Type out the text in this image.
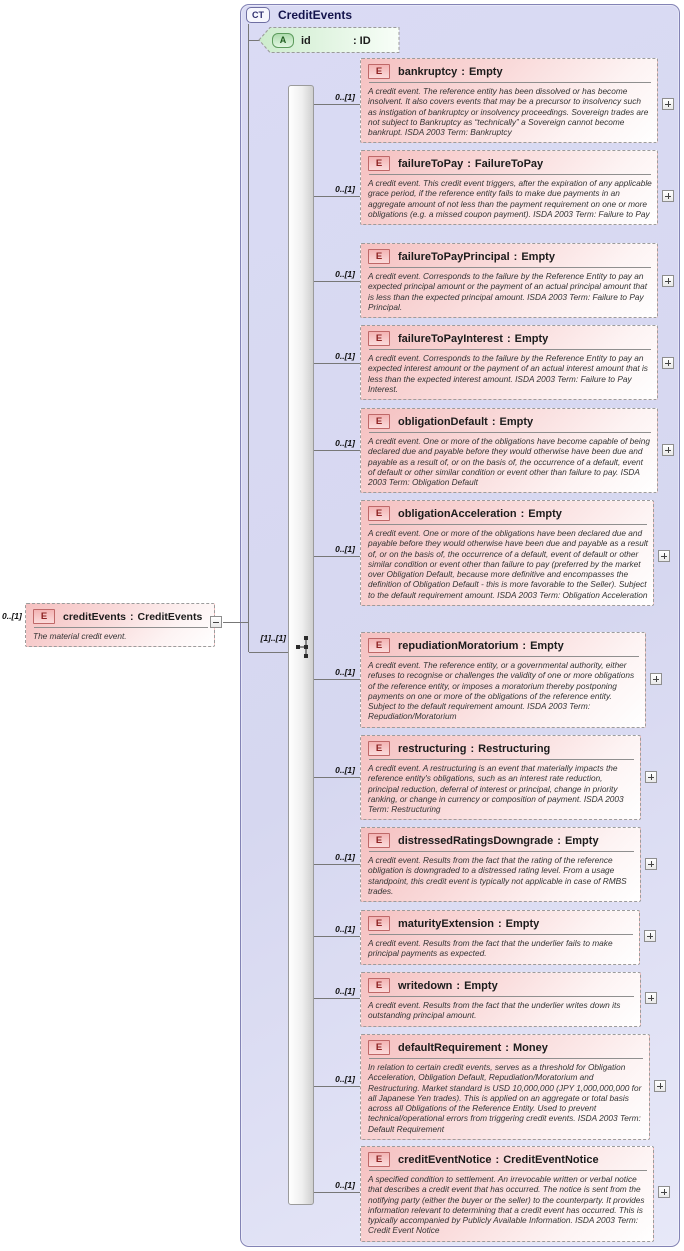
CT	CreditEvents
[1]..[1]
A	id	: ID
0..[1]	E	creditEvents : CreditEvents
The material credit event.
E	bankruptcy : Empty
A credit event. The reference entity has been dissolved or has become insolvent. It also covers events that may be a precursor to insolvency such as instigation of bankruptcy or insolvency proceedings. Sovereign trades are not subject to Bankruptcy as “technically” a Sovereign cannot become bankrupt. ISDA 2003 Term: Bankruptcy
0..[1]
E	failureToPay : FailureToPay
A credit event. This credit event triggers, after the expiration of any applicable grace period, if the reference entity fails to make due payments in an aggregate amount of not less than the payment requirement on one or more obligations (e.g. a missed coupon payment). ISDA 2003 Term: Failure to Pay
0..[1]
E	failureToPayPrincipal : Empty
A credit event. Corresponds to the failure by the Reference Entity to pay an expected principal amount or the payment of an actual principal amount that is less than the expected principal amount. ISDA 2003 Term: Failure to Pay Principal.
0..[1]
E	failureToPayInterest : Empty
A credit event. Corresponds to the failure by the Reference Entity to pay an expected interest amount or the payment of an actual interest amount that is less than the expected interest amount. ISDA 2003 Term: Failure to Pay Interest.
0..[1]
E	obligationDefault : Empty
A credit event. One or more of the obligations have become capable of being declared due and payable before they would otherwise have been due and payable as a result of, or on the basis of, the occurrence of a default, event of default or other similar condition or event other than failure to pay. ISDA 2003 Term: Obligation Default
0..[1]
E	obligationAcceleration : Empty
A credit event. One or more of the obligations have been declared due and payable before they would otherwise have been due and payable as a result of, or on the basis of, the occurrence of a default, event of default or other similar condition or event other than failure to pay (preferred by the market over Obligation Default, because more definitive and encompasses the definition of Obligation Default - this is more favorable to the Seller). Subject to the default requirement amount. ISDA 2003 Term: Obligation Acceleration
0..[1]
E	repudiationMoratorium : Empty
A credit event. The reference entity, or a governmental authority, either refuses to recognise or challenges the validity of one or more obligations of the reference entity, or imposes a moratorium thereby postponing payments on one or more of the obligations of the reference entity. Subject to the default requirement amount. ISDA 2003 Term: Repudiation/Moratorium
0..[1]
E	restructuring : Restructuring
A credit event. A restructuring is an event that materially impacts the reference entity's obligations, such as an interest rate reduction, principal reduction, deferral of interest or principal, change in priority ranking, or change in currency or composition of payment. ISDA 2003 Term: Restructuring
0..[1]
E	distressedRatingsDowngrade : Empty
A credit event. Results from the fact that the rating of the reference obligation is downgraded to a distressed rating level. From a usage standpoint, this credit event is typically not applicable in case of RMBS trades.
0..[1]
E	maturityExtension : Empty
A credit event. Results from the fact that the underlier fails to make principal payments as expected.
0..[1]
E	writedown : Empty
A credit event. Results from the fact that the underlier writes down its outstanding principal amount.
0..[1]
E	defaultRequirement : Money
In relation to certain credit events, serves as a threshold for Obligation Acceleration, Obligation Default, Repudiation/Moratorium and Restructuring. Market standard is USD 10,000,000 (JPY 1,000,000,000 for all Japanese Yen trades). This is applied on an aggregate or total basis across all Obligations of the Reference Entity. Used to prevent technical/operational errors from triggering credit events. ISDA 2003 Term: Default Requirement
0..[1]
E	creditEventNotice : CreditEventNotice
A specified condition to settlement. An irrevocable written or verbal notice that describes a credit event that has occurred. The notice is sent from the notifying party (either the buyer or the seller) to the counterparty. It provides information relevant to determining that a credit event has occurred. This is typically accompanied by Publicly Available Information. ISDA 2003 Term: Credit Event Notice
0..[1]
